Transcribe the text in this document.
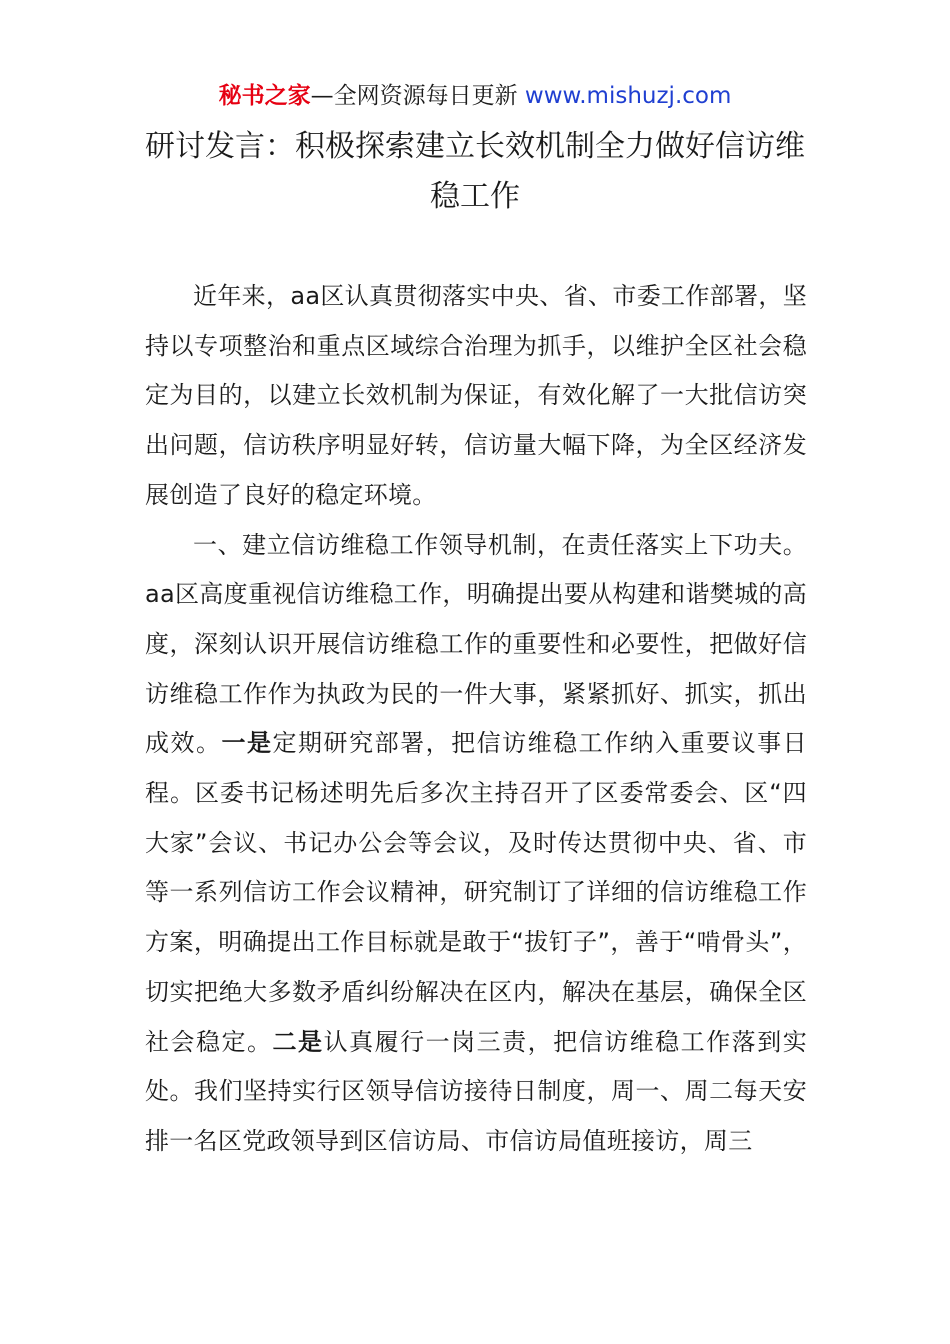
秘书之家—全网资源每日更新 www.mishuzj.com
研讨发言：积极探索建立长效机制全力做好信访维稳工作

近年来，aa区认真贯彻落实中央、省、市委工作部署，坚持以专项整治和重点区域综合治理为抓手，以维护全区社会稳定为目的，以建立长效机制为保证，有效化解了一大批信访突出问题，信访秩序明显好转，信访量大幅下降，为全区经济发展创造了良好的稳定环境。

一、建立信访维稳工作领导机制，在责任落实上下功夫。aa区高度重视信访维稳工作，明确提出要从构建和谐樊城的高度，深刻认识开展信访维稳工作的重要性和必要性，把做好信访维稳工作作为执政为民的一件大事，紧紧抓好、抓实，抓出成效。一是定期研究部署，把信访维稳工作纳入重要议事日程。区委书记杨述明先后多次主持召开了区委常委会、区“四大家”会议、书记办公会等会议，及时传达贯彻中央、省、市等一系列信访工作会议精神，研究制订了详细的信访维稳工作方案，明确提出工作目标就是敢于“拔钉子”，善于“啃骨头”，切实把绝大多数矛盾纠纷解决在区内，解决在基层，确保全区社会稳定。二是认真履行一岗三责，把信访维稳工作落到实处。我们坚持实行区领导信访接待日制度，周一、周二每天安排一名区党政领导到区信访局、市信访局值班接访，周三
